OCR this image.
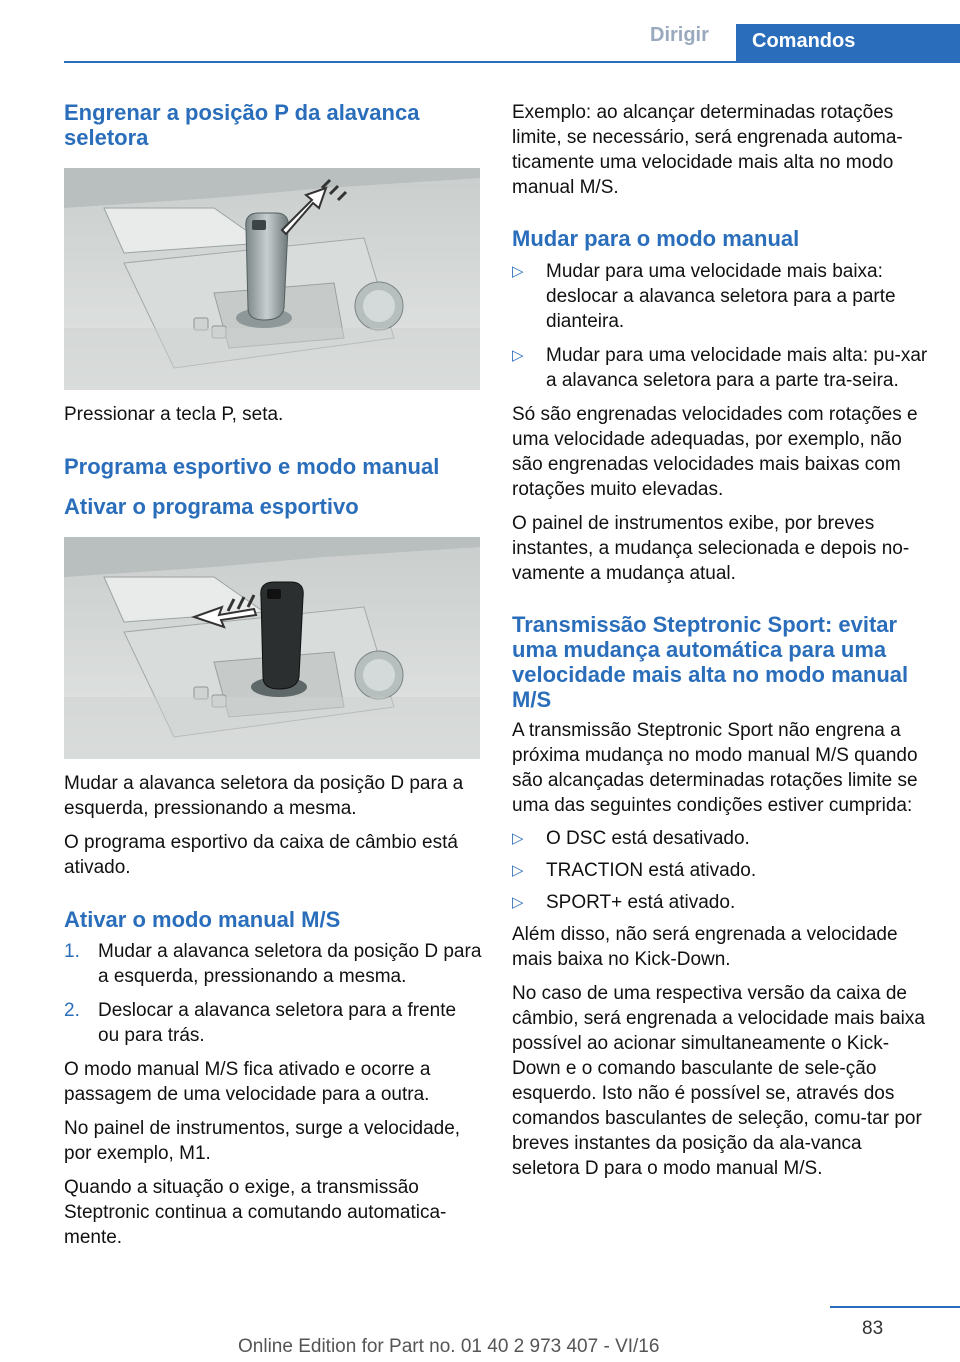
Dirigir	Comandos
Engrenar a posição P da alavanca seletora

Pressionar a tecla P, seta.

Programa esportivo e modo manual
Ativar o programa esportivo

Mudar a alavanca seletora da posição D para a esquerda, pressionando a mesma.

O programa esportivo da caixa de câmbio está ativado.

Ativar o modo manual M/S
1. Mudar a alavanca seletora da posição D para a esquerda, pressionando a mesma.
2. Deslocar a alavanca seletora para a frente ou para trás.

O modo manual M/S fica ativado e ocorre a passagem de uma velocidade para a outra.

No painel de instrumentos, surge a velocidade, por exemplo, M1.

Quando a situação o exige, a transmissão Steptronic continua a comutando automatica‐mente.

Exemplo: ao alcançar determinadas rotações limite, se necessário, será engrenada automa‐ticamente uma velocidade mais alta no modo manual M/S.

Mudar para o modo manual
▷ Mudar para uma velocidade mais baixa: deslocar a alavanca seletora para a parte dianteira.
▷ Mudar para uma velocidade mais alta: pu‐xar a alavanca seletora para a parte tra‐seira.

Só são engrenadas velocidades com rotações e uma velocidade adequadas, por exemplo, não são engrenadas velocidades mais baixas com rotações muito elevadas.

O painel de instrumentos exibe, por breves instantes, a mudança selecionada e depois no‐vamente a mudança atual.

Transmissão Steptronic Sport: evitar uma mudança automática para uma velocidade mais alta no modo manual M/S

A transmissão Steptronic Sport não engrena a próxima mudança no modo manual M/S quando são alcançadas determinadas rotações limite se uma das seguintes condições estiver cumprida:

▷ O DSC está desativado.
▷ TRACTION está ativado.
▷ SPORT+ está ativado.

Além disso, não será engrenada a velocidade mais baixa no Kick-Down.

No caso de uma respectiva versão da caixa de câmbio, será engrenada a velocidade mais baixa possível ao acionar simultaneamente o Kick-Down e o comando basculante de sele‐ção esquerdo. Isto não é possível se, através dos comandos basculantes de seleção, comu‐tar por breves instantes da posição da ala‐vanca seletora D para o modo manual M/S.

83
Online Edition for Part no. 01 40 2 973 407 - VI/16
